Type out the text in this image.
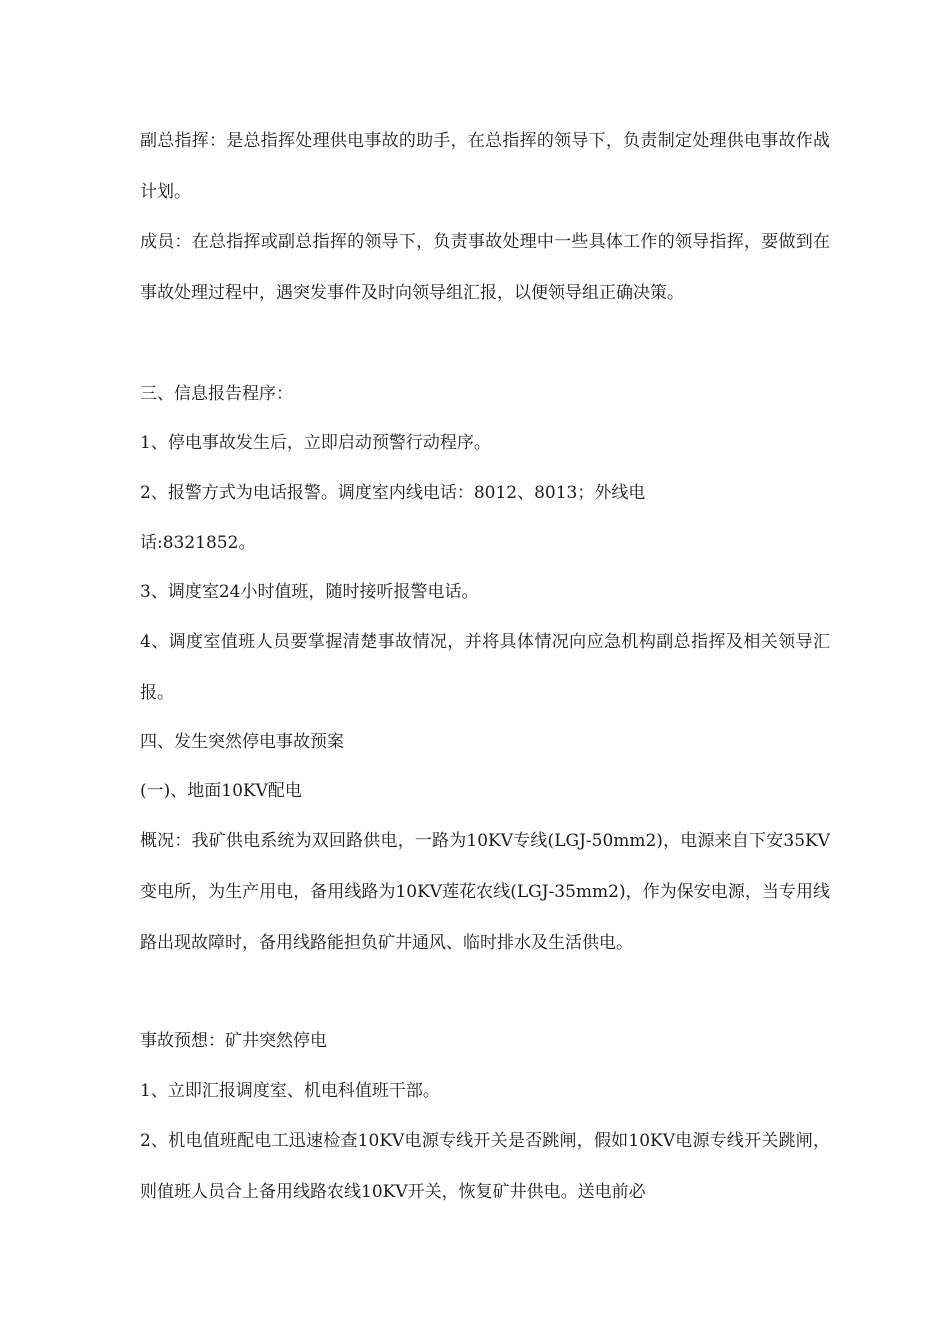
副总指挥：是总指挥处理供电事故的助手，在总指挥的领导下，负责制定处理供电事故作战计划。

成员：在总指挥或副总指挥的领导下，负责事故处理中一些具体工作的领导指挥，要做到在事故处理过程中，遇突发事件及时向领导组汇报，以便领导组正确决策。

三、信息报告程序：

1、停电事故发生后，立即启动预警行动程序。

2、报警方式为电话报警。调度室内线电话：8012、8013；外线电

话:8321852。

3、调度室24小时值班，随时接听报警电话。

4、调度室值班人员要掌握清楚事故情况，并将具体情况向应急机构副总指挥及相关领导汇报。

四、发生突然停电事故预案

(一)、地面10KV配电

概况：我矿供电系统为双回路供电，一路为10KV专线(LGJ-50mm2)，电源来自下安35KV变电所，为生产用电，备用线路为10KV莲花农线(LGJ-35mm2)，作为保安电源，当专用线路出现故障时，备用线路能担负矿井通风、临时排水及生活供电。

事故预想：矿井突然停电

1、立即汇报调度室、机电科值班干部。

2、机电值班配电工迅速检查10KV电源专线开关是否跳闸，假如10KV电源专线开关跳闸，则值班人员合上备用线路农线10KV开关，恢复矿井供电。送电前必
